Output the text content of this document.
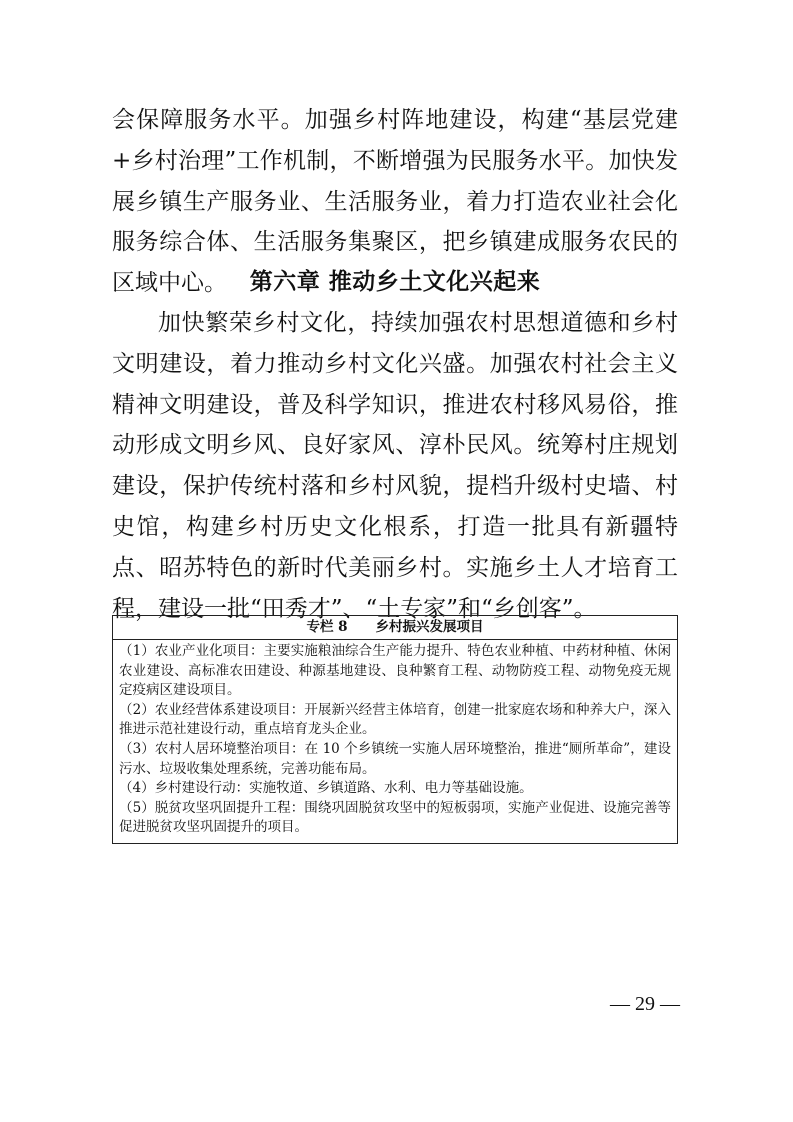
会保障服务水平。加强乡村阵地建设，构建“基层党建+乡村治理”工作机制，不断增强为民服务水平。加快发展乡镇生产服务业、生活服务业，着力打造农业社会化服务综合体、生活服务集聚区，把乡镇建成服务农民的区域中心。 第六章 推动乡土文化兴起来

加快繁荣乡村文化，持续加强农村思想道德和乡村文明建设，着力推动乡村文化兴盛。加强农村社会主义精神文明建设，普及科学知识，推进农村移风易俗，推动形成文明乡风、良好家风、淳朴民风。统筹村庄规划建设，保护传统村落和乡村风貌，提档升级村史墙、村史馆，构建乡村历史文化根系，打造一批具有新疆特点、昭苏特色的新时代美丽乡村。实施乡土人才培育工程，建设一批“田秀才”、“土专家”和“乡创客”。

专栏 8 乡村振兴发展项目

（1）农业产业化项目：主要实施粮油综合生产能力提升、特色农业种植、中药材种植、休闲农业建设、高标准农田建设、种源基地建设、良种繁育工程、动物防疫工程、动物免疫无规定疫病区建设项目。

（2）农业经营体系建设项目：开展新兴经营主体培育，创建一批家庭农场和种养大户，深入推进示范社建设行动，重点培育龙头企业。

（3）农村人居环境整治项目：在 10 个乡镇统一实施人居环境整治，推进“厕所革命”，建设污水、垃圾收集处理系统，完善功能布局。

（4）乡村建设行动：实施牧道、乡镇道路、水利、电力等基础设施。

（5）脱贫攻坚巩固提升工程：围绕巩固脱贫攻坚中的短板弱项，实施产业促进、设施完善等促进脱贫攻坚巩固提升的项目。

— 29 —
